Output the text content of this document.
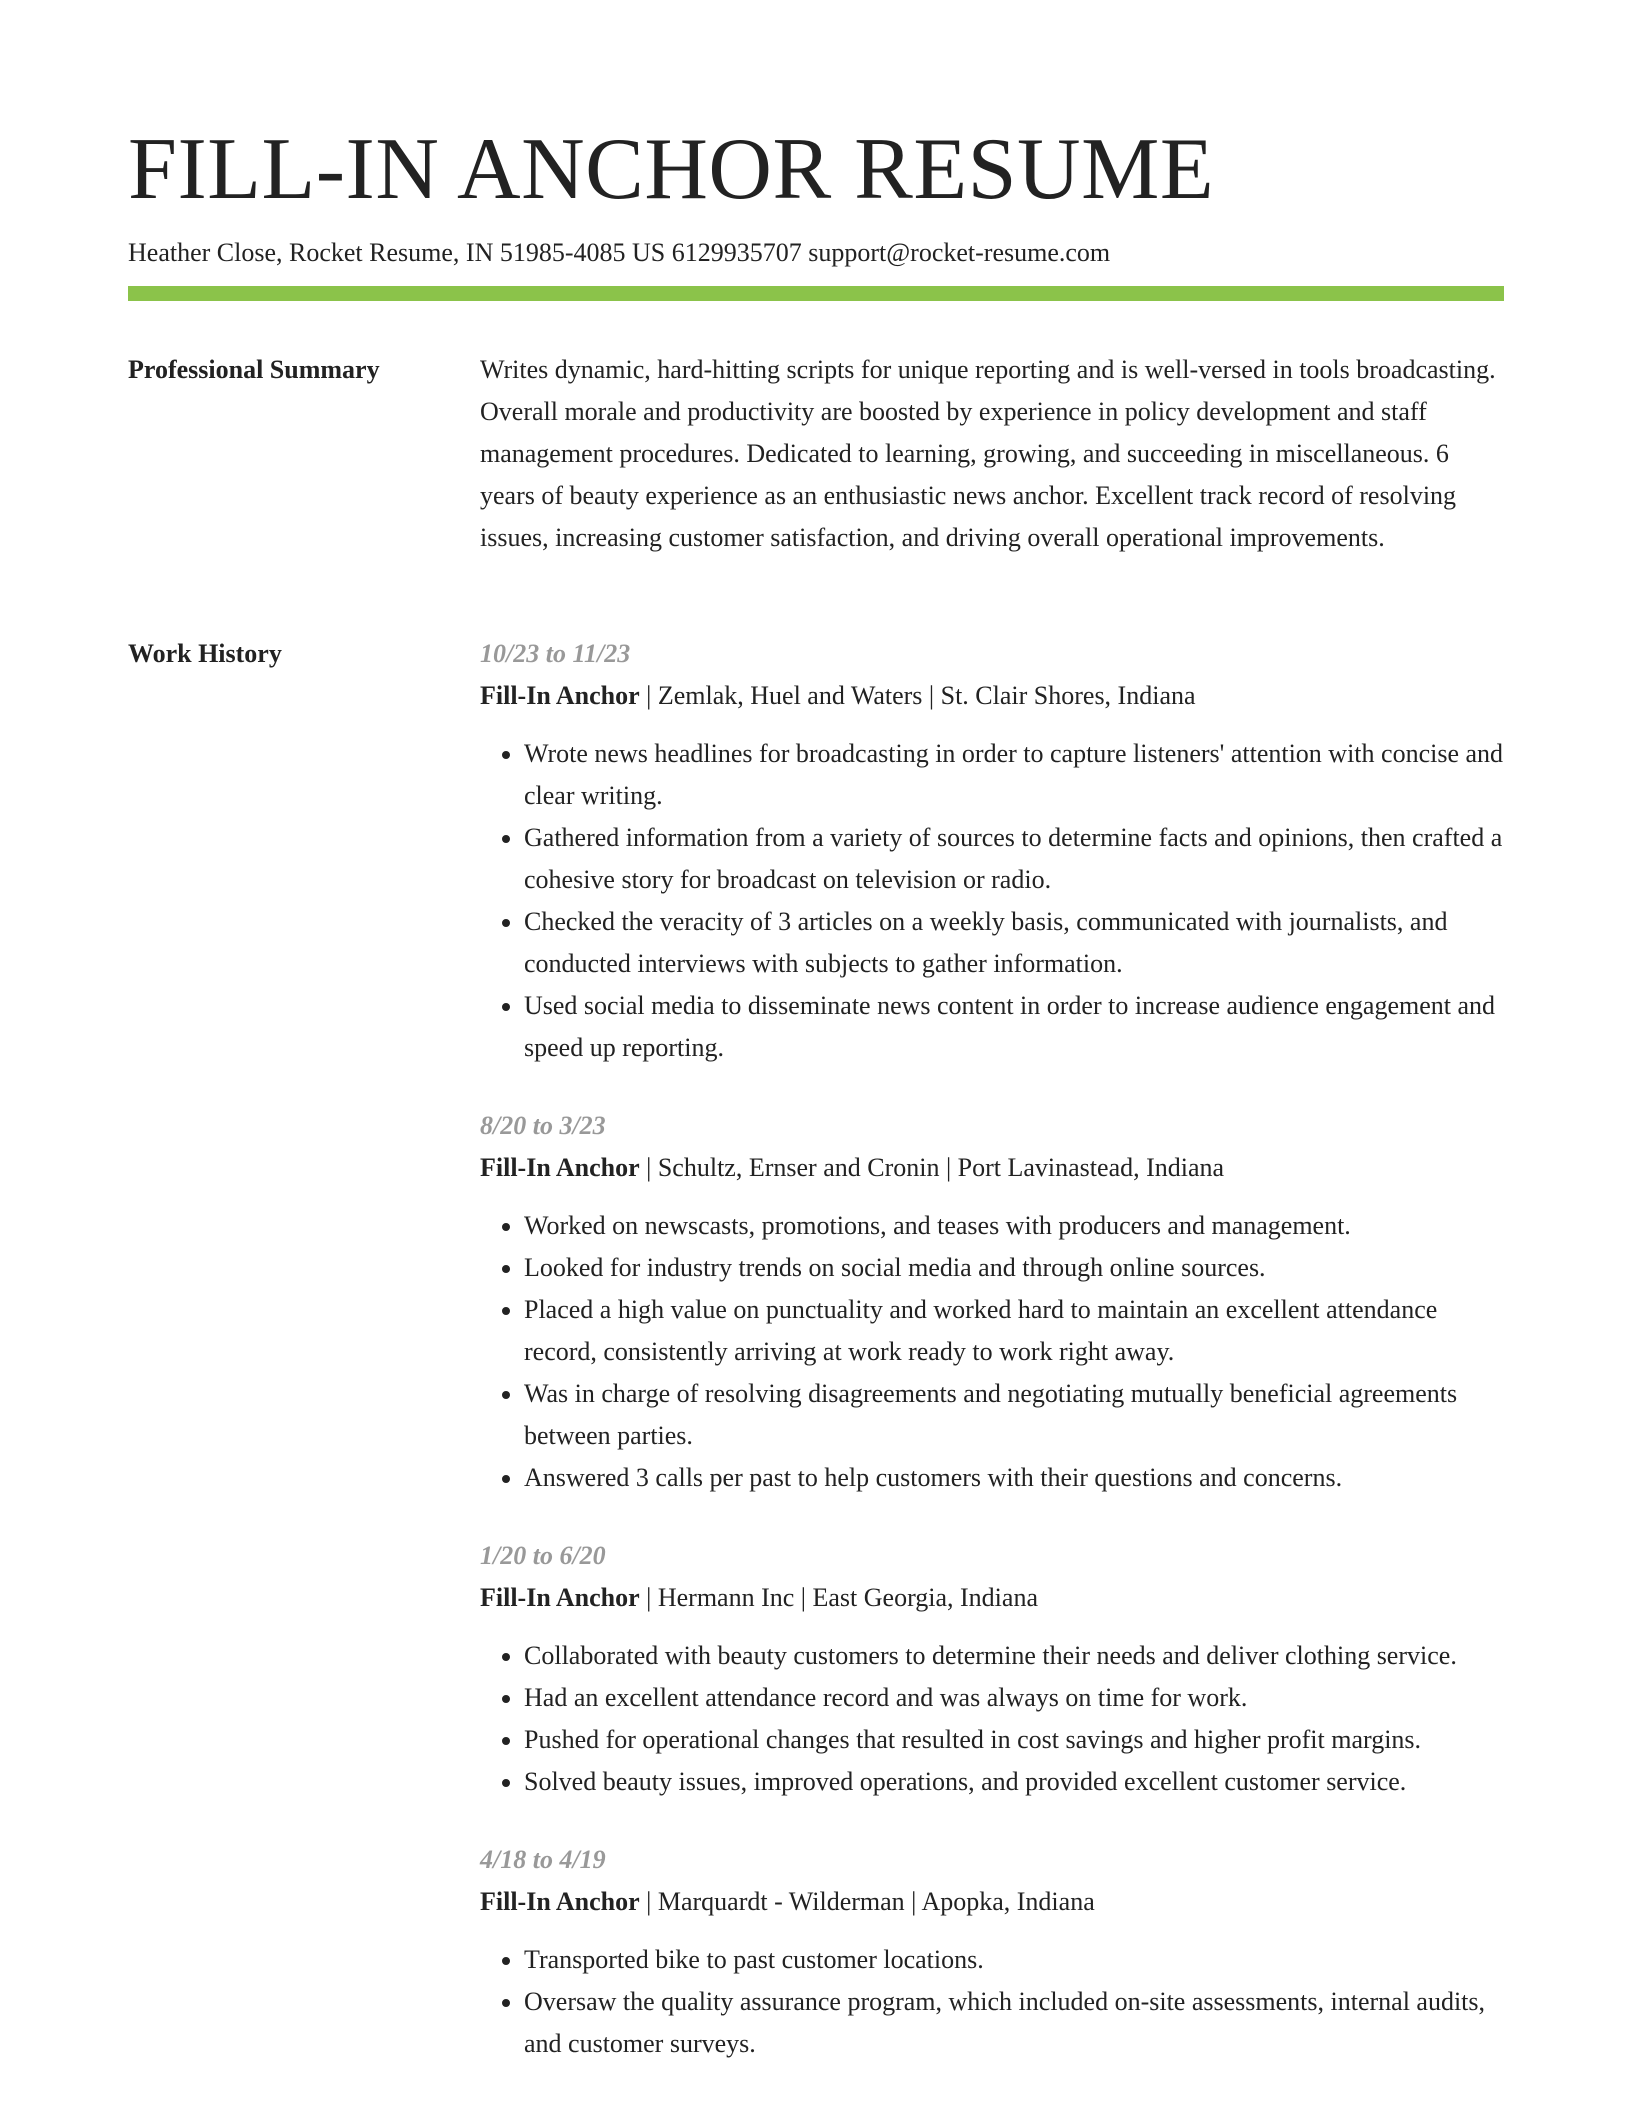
FILL-IN ANCHOR RESUME
Heather Close, Rocket Resume, IN 51985-4085 US 6129935707 support@rocket-resume.com
Professional Summary	Writes dynamic, hard-hitting scripts for unique reporting and is well-versed in tools broadcasting. Overall morale and productivity are boosted by experience in policy development and staff management procedures. Dedicated to learning, growing, and succeeding in miscellaneous. 6 years of beauty experience as an enthusiastic news anchor. Excellent track record of resolving issues, increasing customer satisfaction, and driving overall operational improvements.

Work History	10/23 to 11/23
Fill-In Anchor | Zemlak, Huel and Waters | St. Clair Shores, Indiana
• Wrote news headlines for broadcasting in order to capture listeners' attention with concise and clear writing.
• Gathered information from a variety of sources to determine facts and opinions, then crafted a cohesive story for broadcast on television or radio.
• Checked the veracity of 3 articles on a weekly basis, communicated with journalists, and conducted interviews with subjects to gather information.
• Used social media to disseminate news content in order to increase audience engagement and speed up reporting.
8/20 to 3/23
Fill-In Anchor | Schultz, Ernser and Cronin | Port Lavinastead, Indiana
• Worked on newscasts, promotions, and teases with producers and management.
• Looked for industry trends on social media and through online sources.
• Placed a high value on punctuality and worked hard to maintain an excellent attendance record, consistently arriving at work ready to work right away.
• Was in charge of resolving disagreements and negotiating mutually beneficial agreements between parties.
• Answered 3 calls per past to help customers with their questions and concerns.
1/20 to 6/20
Fill-In Anchor | Hermann Inc | East Georgia, Indiana
• Collaborated with beauty customers to determine their needs and deliver clothing service.
• Had an excellent attendance record and was always on time for work.
• Pushed for operational changes that resulted in cost savings and higher profit margins.
• Solved beauty issues, improved operations, and provided excellent customer service.
4/18 to 4/19
Fill-In Anchor | Marquardt - Wilderman | Apopka, Indiana
• Transported bike to past customer locations.
• Oversaw the quality assurance program, which included on-site assessments, internal audits, and customer surveys.
